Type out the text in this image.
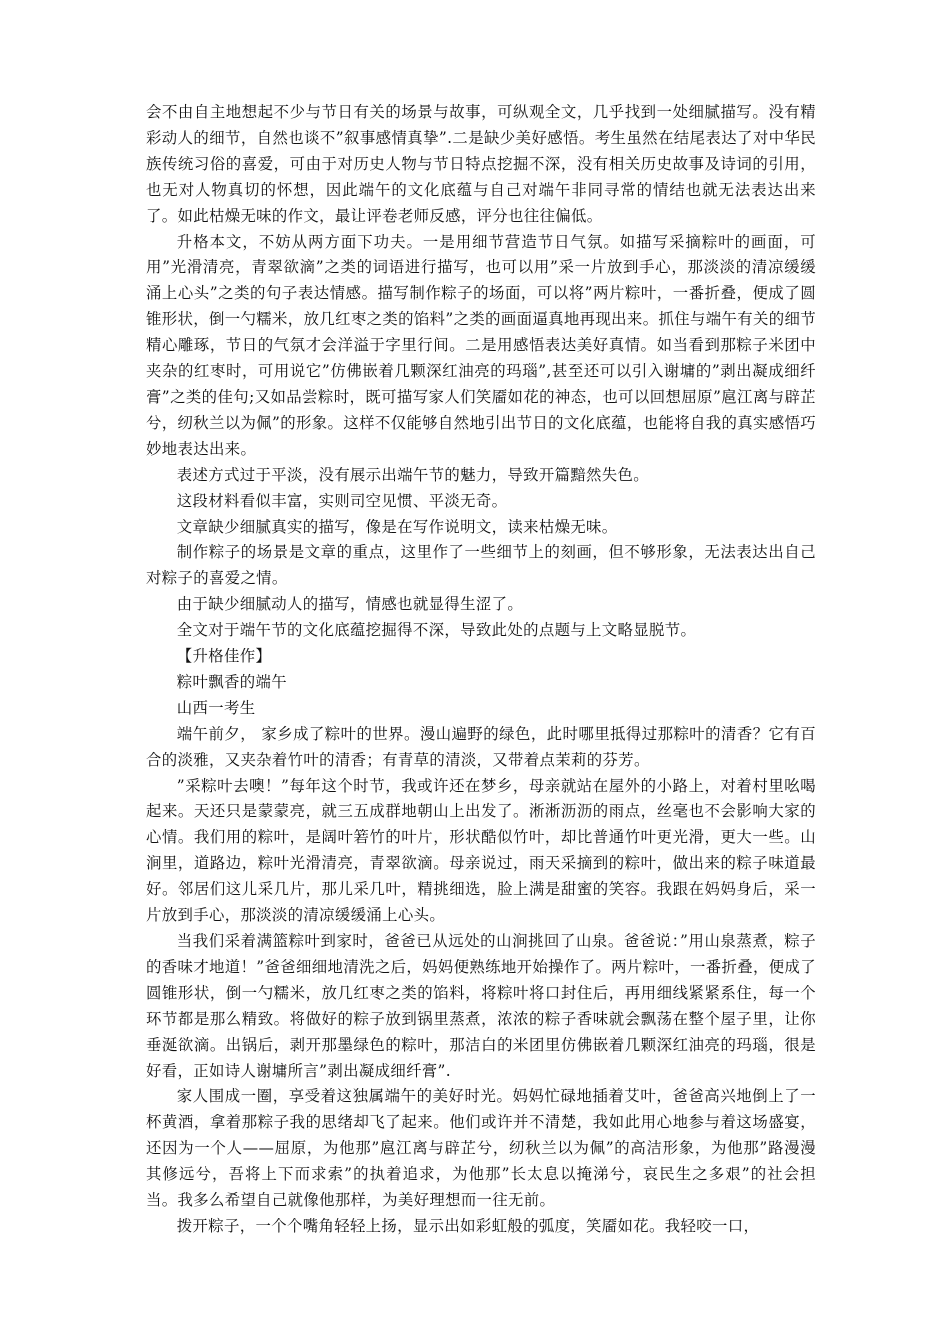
会不由自主地想起不少与节日有关的场景与故事，可纵观全文，几乎找到一处细腻描写。没有精彩动人的细节，自然也谈不”叙事感情真挚”.二是缺少美好感悟。考生虽然在结尾表达了对中华民族传统习俗的喜爱，可由于对历史人物与节日特点挖掘不深，没有相关历史故事及诗词的引用，也无对人物真切的怀想，因此端午的文化底蕴与自己对端午非同寻常的情结也就无法表达出来了。如此枯燥无味的作文，最让评卷老师反感，评分也往往偏低。

升格本文，不妨从两方面下功夫。一是用细节营造节日气氛。如描写采摘粽叶的画面，可用”光滑清亮，青翠欲滴”之类的词语进行描写，也可以用”采一片放到手心，那淡淡的清凉缓缓涌上心头”之类的句子表达情感。描写制作粽子的场面，可以将”两片粽叶，一番折叠，便成了圆锥形状，倒一勺糯米，放几红枣之类的馅料”之类的画面逼真地再现出来。抓住与端午有关的细节精心雕琢，节日的气氛才会洋溢于字里行间。二是用感悟表达美好真情。如当看到那粽子米团中夹杂的红枣时，可用说它”仿佛嵌着几颗深红油亮的玛瑙”,甚至还可以引入谢墉的”剥出凝成细纤膏”之类的佳句;又如品尝粽时，既可描写家人们笑靥如花的神态，也可以回想屈原”扈江离与辟芷兮，纫秋兰以为佩”的形象。这样不仅能够自然地引出节日的文化底蕴，也能将自我的真实感悟巧妙地表达出来。

表述方式过于平淡，没有展示出端午节的魅力，导致开篇黯然失色。

这段材料看似丰富，实则司空见惯、平淡无奇。

文章缺少细腻真实的描写，像是在写作说明文，读来枯燥无味。

制作粽子的场景是文章的重点，这里作了一些细节上的刻画，但不够形象，无法表达出自己对粽子的喜爱之情。

由于缺少细腻动人的描写，情感也就显得生涩了。

全文对于端午节的文化底蕴挖掘得不深，导致此处的点题与上文略显脱节。

【升格佳作】

粽叶飘香的端午

山西一考生

端午前夕， 家乡成了粽叶的世界。漫山遍野的绿色，此时哪里抵得过那粽叶的清香？它有百合的淡雅，又夹杂着竹叶的清香；有青草的清淡，又带着点茉莉的芬芳。

”采粽叶去噢！”每年这个时节，我或许还在梦乡，母亲就站在屋外的小路上，对着村里吆喝起来。天还只是蒙蒙亮，就三五成群地朝山上出发了。淅淅沥沥的雨点，丝毫也不会影响大家的心情。我们用的粽叶，是阔叶箬竹的叶片，形状酷似竹叶，却比普通竹叶更光滑，更大一些。山涧里，道路边，粽叶光滑清亮，青翠欲滴。母亲说过，雨天采摘到的粽叶，做出来的粽子味道最好。邻居们这儿采几片，那儿采几叶，精挑细选，脸上满是甜蜜的笑容。我跟在妈妈身后，采一片放到手心，那淡淡的清凉缓缓涌上心头。

当我们采着满篮粽叶到家时，爸爸已从远处的山涧挑回了山泉。爸爸说：”用山泉蒸煮，粽子的香味才地道！”爸爸细细地清洗之后，妈妈便熟练地开始操作了。两片粽叶，一番折叠，便成了圆锥形状，倒一勺糯米，放几红枣之类的馅料，将粽叶将口封住后，再用细线紧紧系住，每一个环节都是那么精致。将做好的粽子放到锅里蒸煮，浓浓的粽子香味就会飘荡在整个屋子里，让你垂涎欲滴。出锅后，剥开那墨绿色的粽叶，那洁白的米团里仿佛嵌着几颗深红油亮的玛瑙，很是好看，正如诗人谢墉所言”剥出凝成细纤膏”.

家人围成一圈，享受着这独属端午的美好时光。妈妈忙碌地插着艾叶，爸爸高兴地倒上了一杯黄酒，拿着那粽子我的思绪却飞了起来。他们或许并不清楚，我如此用心地参与着这场盛宴，还因为一个人——屈原，为他那”扈江离与辟芷兮，纫秋兰以为佩”的高洁形象，为他那”路漫漫其修远兮，吾将上下而求索”的执着追求，为他那”长太息以掩涕兮，哀民生之多艰”的社会担当。我多么希望自己就像他那样，为美好理想而一往无前。

拨开粽子，一个个嘴角轻轻上扬，显示出如彩虹般的弧度，笑靥如花。我轻咬一口，
